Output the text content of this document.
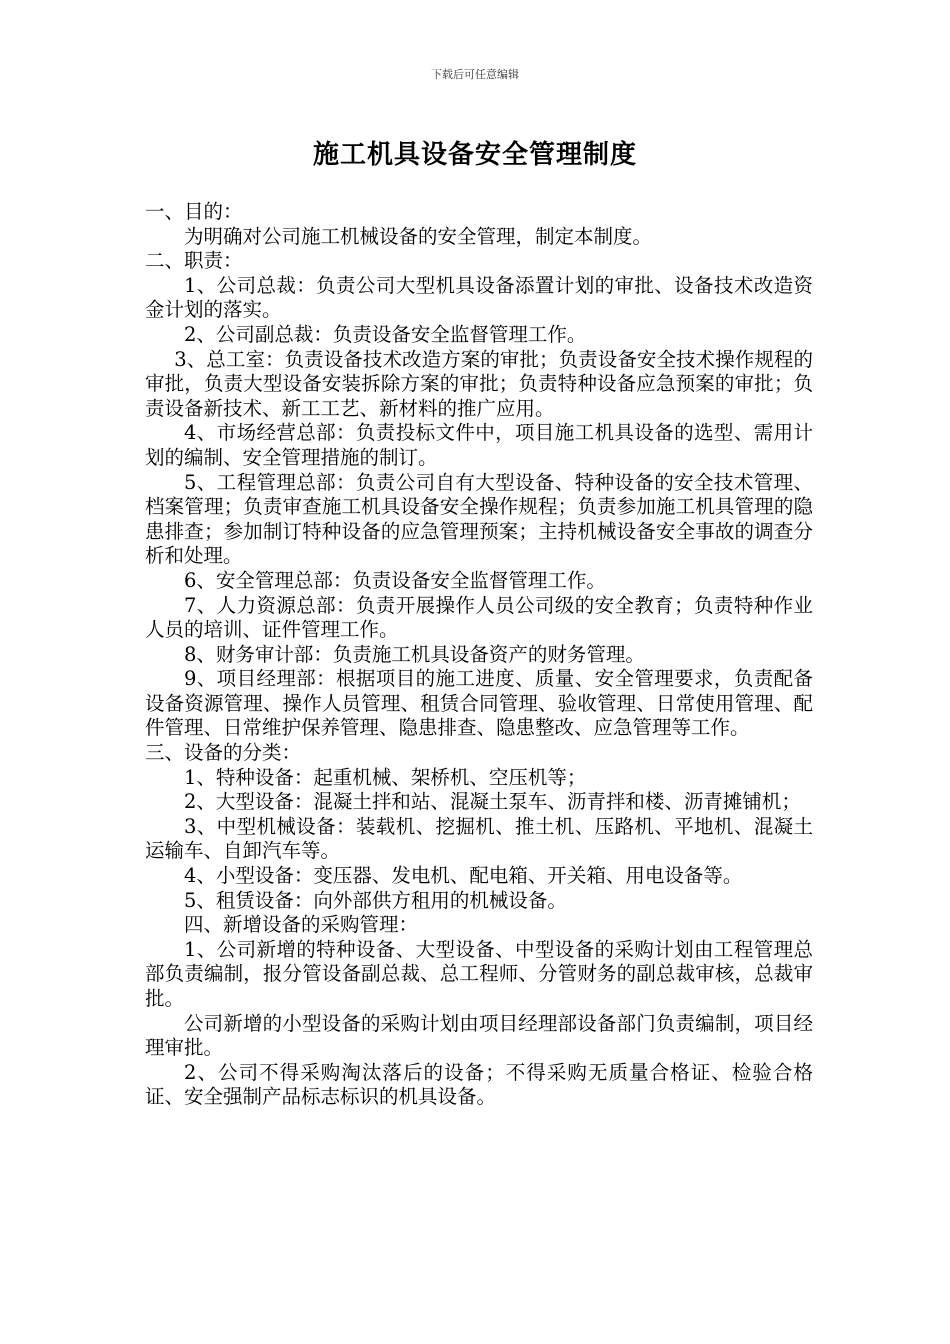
下载后可任意编辑
施工机具设备安全管理制度

一、目的：

为明确对公司施工机械设备的安全管理，制定本制度。

二、职责：

1、公司总裁：负责公司大型机具设备添置计划的审批、设备技术改造资金计划的落实。

2、公司副总裁：负责设备安全监督管理工作。

3、总工室：负责设备技术改造方案的审批；负责设备安全技术操作规程的审批，负责大型设备安装拆除方案的审批；负责特种设备应急预案的审批；负责设备新技术、新工工艺、新材料的推广应用。

4、市场经营总部：负责投标文件中，项目施工机具设备的选型、需用计划的编制、安全管理措施的制订。

5、工程管理总部：负责公司自有大型设备、特种设备的安全技术管理、档案管理；负责审查施工机具设备安全操作规程；负责参加施工机具管理的隐患排查；参加制订特种设备的应急管理预案；主持机械设备安全事故的调查分析和处理。

6、安全管理总部：负责设备安全监督管理工作。

7、人力资源总部：负责开展操作人员公司级的安全教育；负责特种作业人员的培训、证件管理工作。

8、财务审计部：负责施工机具设备资产的财务管理。

9、项目经理部：根据项目的施工进度、质量、安全管理要求，负责配备设备资源管理、操作人员管理、租赁合同管理、验收管理、日常使用管理、配件管理、日常维护保养管理、隐患排查、隐患整改、应急管理等工作。

三、设备的分类：

1、特种设备：起重机械、架桥机、空压机等；

2、大型设备：混凝土拌和站、混凝土泵车、沥青拌和楼、沥青摊铺机；

3、中型机械设备：装载机、挖掘机、推土机、压路机、平地机、混凝土运输车、自卸汽车等。

4、小型设备：变压器、发电机、配电箱、开关箱、用电设备等。

5、租赁设备：向外部供方租用的机械设备。

四、新增设备的采购管理：

1、公司新增的特种设备、大型设备、中型设备的采购计划由工程管理总部负责编制，报分管设备副总裁、总工程师、分管财务的副总裁审核，总裁审批。

公司新增的小型设备的采购计划由项目经理部设备部门负责编制，项目经理审批。

2、公司不得采购淘汰落后的设备；不得采购无质量合格证、检验合格证、安全强制产品标志标识的机具设备。
